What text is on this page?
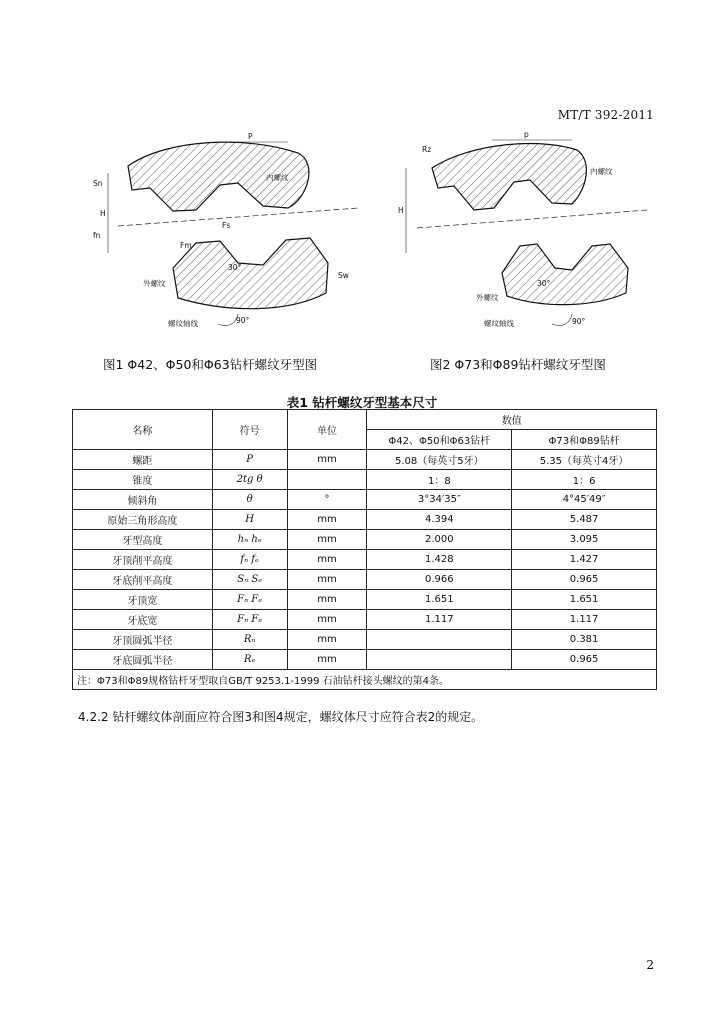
MT/T 392-2011
P
H
Sn
fn
Fm
Fs
Sw
30°
90°
内螺纹
外螺纹
螺纹轴线
p
Rz
H
30°
90°
内螺纹
外螺纹
螺纹轴线
图1 Φ42、Φ50和Φ63钻杆螺纹牙型图	图2 Φ73和Φ89钻杆螺纹牙型图
表1 钻杆螺纹牙型基本尺寸
名称	符号	单位	数值	
			Φ42、Φ50和Φ63钻杆	Φ73和Φ89钻杆
螺距	P	mm	5.08（每英寸5牙）	5.35（每英寸4牙）
锥度	2tg θ		1：8	1：6
倾斜角	θ	°	3°34′35″	4°45′49″
原始三角形高度	H	mm	4.394	5.487
牙型高度	hₙ hₑ	mm	2.000	3.095
牙顶削平高度	fₙ fₑ	mm	1.428	1.427
牙底削平高度	Sₙ Sₑ	mm	0.966	0.965
牙顶宽	Fₙ Fₑ	mm	1.651	1.651
牙底宽	Fₙ Fₑ	mm	1.117	1.117
牙顶圆弧半径	Rₙ	mm		0.381
牙底圆弧半径	Rₑ	mm		0.965
注：Φ73和Φ89规格钻杆牙型取自GB/T 9253.1-1999 石油钻杆接头螺纹的第4条。				
4.2.2 钻杆螺纹体剖面应符合图3和图4规定，螺纹体尺寸应符合表2的规定。
2
